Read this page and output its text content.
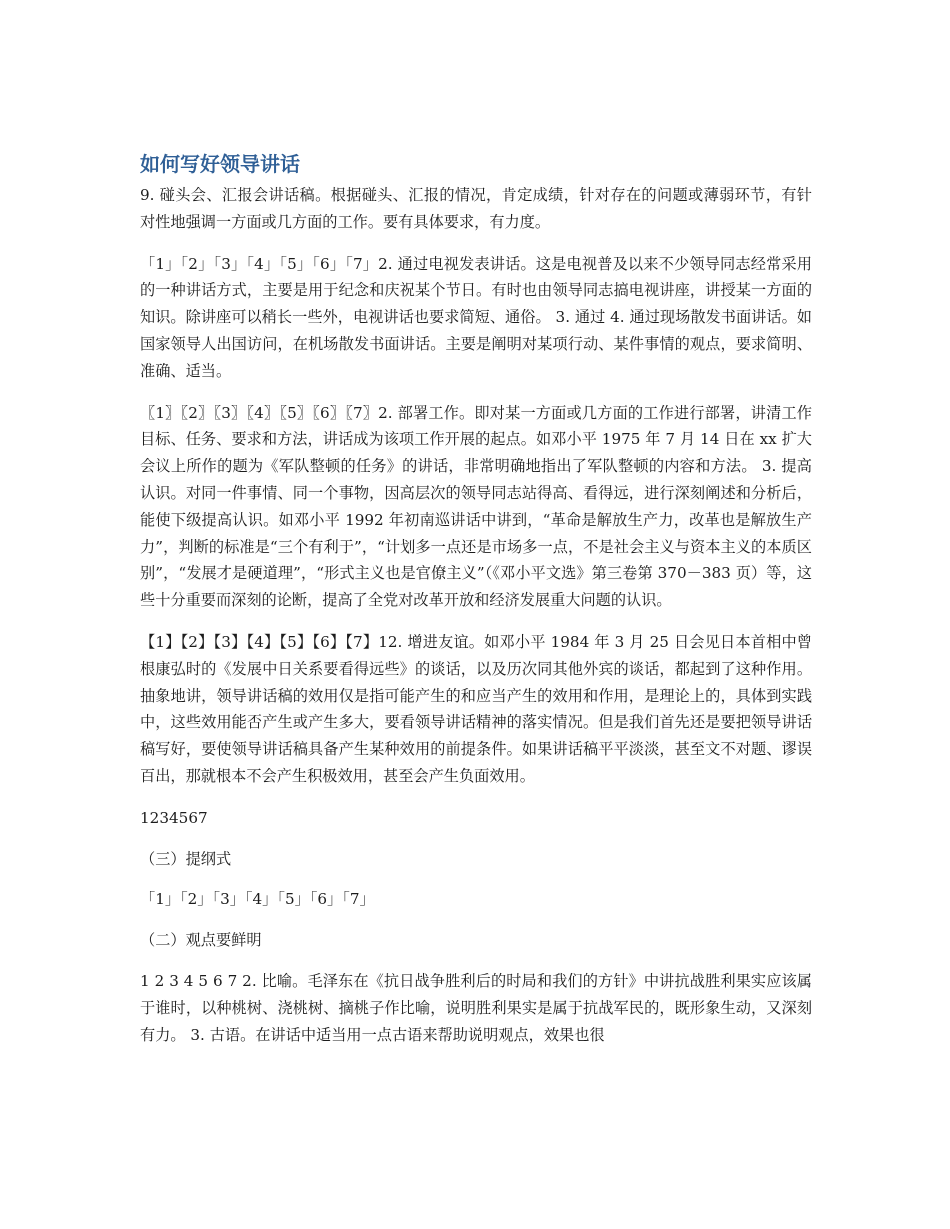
如何写好领导讲话

9. 碰头会、汇报会讲话稿。根据碰头、汇报的情况，肯定成绩，针对存在的问题或薄弱环节，有针对性地强调一方面或几方面的工作。要有具体要求，有力度。

「1」「2」「3」「4」「5」「6」「7」2. 通过电视发表讲话。这是电视普及以来不少领导同志经常采用的一种讲话方式，主要是用于纪念和庆祝某个节日。有时也由领导同志搞电视讲座，讲授某一方面的知识。除讲座可以稍长一些外，电视讲话也要求简短、通俗。 3. 通过 4. 通过现场散发书面讲话。如国家领导人出国访问，在机场散发书面讲话。主要是阐明对某项行动、某件事情的观点，要求简明、准确、适当。

〖1〗〖2〗〖3〗〖4〗〖5〗〖6〗〖7〗2. 部署工作。即对某一方面或几方面的工作进行部署，讲清工作目标、任务、要求和方法，讲话成为该项工作开展的起点。如邓小平 1975 年 7 月 14 日在 xx 扩大会议上所作的题为《军队整顿的任务》的讲话，非常明确地指出了军队整顿的内容和方法。 3. 提高认识。对同一件事情、同一个事物，因高层次的领导同志站得高、看得远，进行深刻阐述和分析后，能使下级提高认识。如邓小平 1992 年初南巡讲话中讲到，“革命是解放生产力，改革也是解放生产力”，判断的标准是“三个有利于”，“计划多一点还是市场多一点，不是社会主义与资本主义的本质区别”，“发展才是硬道理”，“形式主义也是官僚主义”（《邓小平文选》第三卷第 370－383 页）等，这些十分重要而深刻的论断，提高了全党对改革开放和经济发展重大问题的认识。

【1】【2】【3】【4】【5】【6】【7】12. 增进友谊。如邓小平 1984 年 3 月 25 日会见日本首相中曾根康弘时的《发展中日关系要看得远些》的谈话，以及历次同其他外宾的谈话，都起到了这种作用。 抽象地讲，领导讲话稿的效用仅是指可能产生的和应当产生的效用和作用，是理论上的，具体到实践中，这些效用能否产生或产生多大，要看领导讲话精神的落实情况。但是我们首先还是要把领导讲话稿写好，要使领导讲话稿具备产生某种效用的前提条件。如果讲话稿平平淡淡，甚至文不对题、谬误百出，那就根本不会产生积极效用，甚至会产生负面效用。

1234567

（三）提纲式

「1」「2」「3」「4」「5」「6」「7」

（二）观点要鲜明

1 2 3 4 5 6 7 2. 比喻。毛泽东在《抗日战争胜利后的时局和我们的方针》中讲抗战胜利果实应该属于谁时，以种桃树、浇桃树、摘桃子作比喻，说明胜利果实是属于抗战军民的，既形象生动，又深刻有力。 3. 古语。在讲话中适当用一点古语来帮助说明观点，效果也很
